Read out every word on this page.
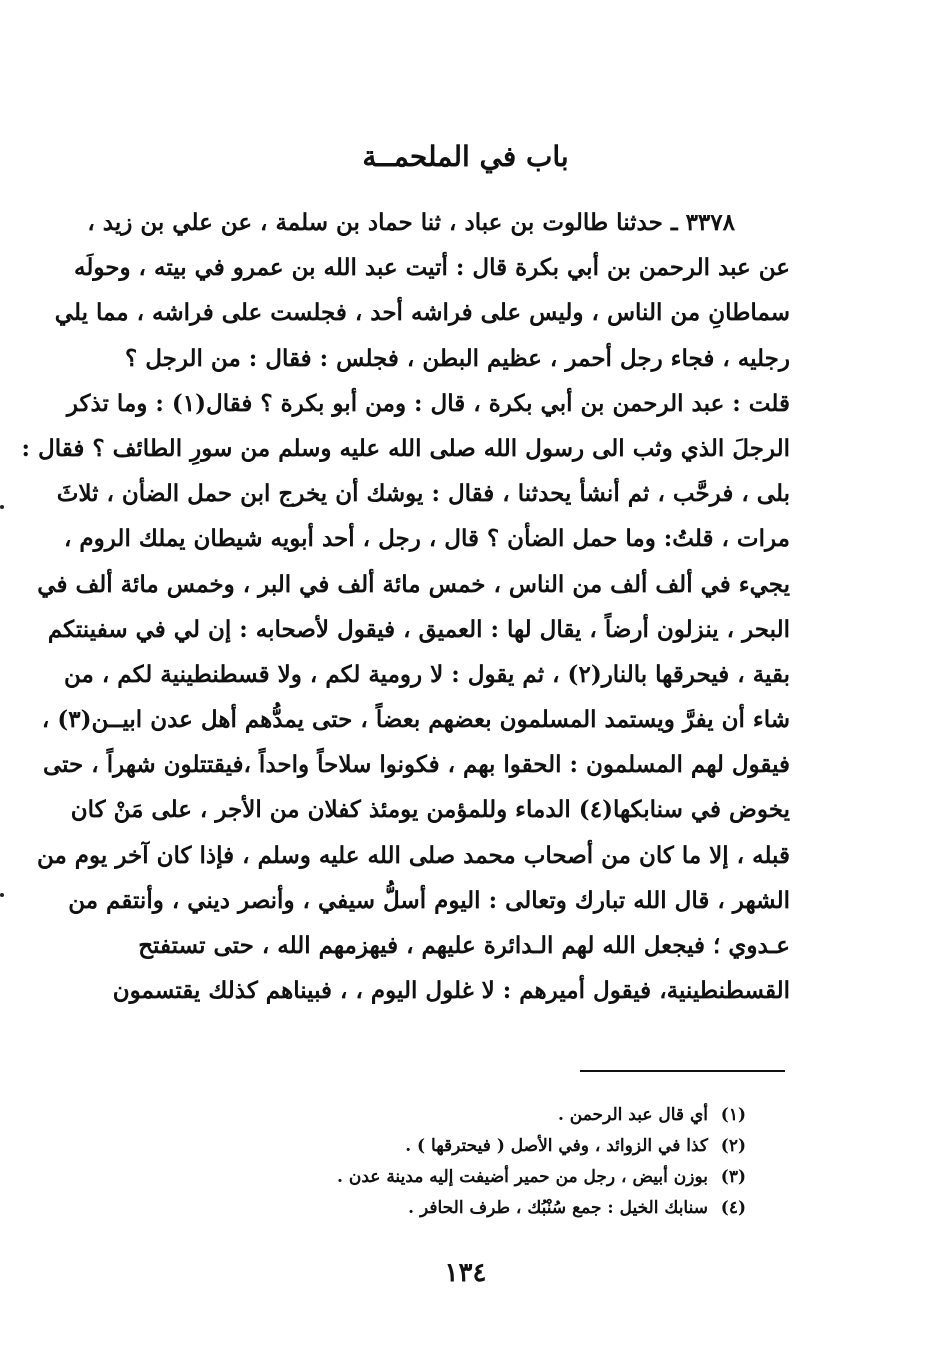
باب في الملحمــة
٣٣٧٨ ـ حدثنا طالوت بن عباد ، ثنا حماد بن سلمة ، عن علي بن زيد ،
عن عبد الرحمن بن أبي بكرة قال : أتيت عبد الله بن عمرو في بيته ، وحولَه
سماطانِ من الناس ، وليس على فراشه أحد ، فجلست على فراشه ، مما يلي
رجليه ، فجاء رجل أحمر ، عظيم البطن ، فجلس : فقال : من الرجل ؟
قلت : عبد الرحمن بن أبي بكرة ، قال : ومن أبو بكرة ؟ فقال(١) : وما تذكر
الرجلَ الذي وثب الى رسول الله صلى الله عليه وسلم من سورِ الطائف ؟ فقال :
بلى ، فرحَّب ، ثم أنشأ يحدثنا ، فقال : يوشك أن يخرج ابن حمل الضأن ، ثلاثَ
مرات ، قلتُ: وما حمل الضأن ؟ قال ، رجل ، أحد أبويه شيطان يملك الروم ،
يجيء في ألف ألف من الناس ، خمس مائة ألف في البر ، وخمس مائة ألف في
البحر ، ينزلون أرضاً ، يقال لها : العميق ، فيقول لأصحابه : إن لي في سفينتكم
بقية ، فيحرقها بالنار(٢) ، ثم يقول : لا رومية لكم ، ولا قسطنطينية لكم ، من
شاء أن يفرَّ ويستمد المسلمون بعضهم بعضاً ، حتى يمدُّهم أهل عدن ابيــن(٣) ،
فيقول لهم المسلمون : الحقوا بهم ، فكونوا سلاحاً واحداً ،فيقتتلون شهراً ، حتى
يخوض في سنابكها(٤) الدماء وللمؤمن يومئذ كفلان من الأجر ، على مَنْ كان
قبله ، إلا ما كان من أصحاب محمد صلى الله عليه وسلم ، فإذا كان آخر يوم من
الشهر ، قال الله تبارك وتعالى : اليوم أسلُّ سيفي ، وأنصر ديني ، وأنتقم من
عـدوي ؛ فيجعل الله لهم الـدائرة عليهم ، فيهزمهم الله ، حتى تستفتح
القسطنطينية، فيقول أميرهم : لا غلول اليوم ، ، فبيناهم كذلك يقتسمون
(١)أي قال عبد الرحمن .
(٢)كذا في الزوائد ، وفي الأصل ( فيحترقها ) .
(٣)بوزن أبيض ، رجل من حمير أضيفت إليه مدينة عدن .
(٤)سنابك الخيل : جمع سُنْبُك ، طرف الحافر .
١٣٤
